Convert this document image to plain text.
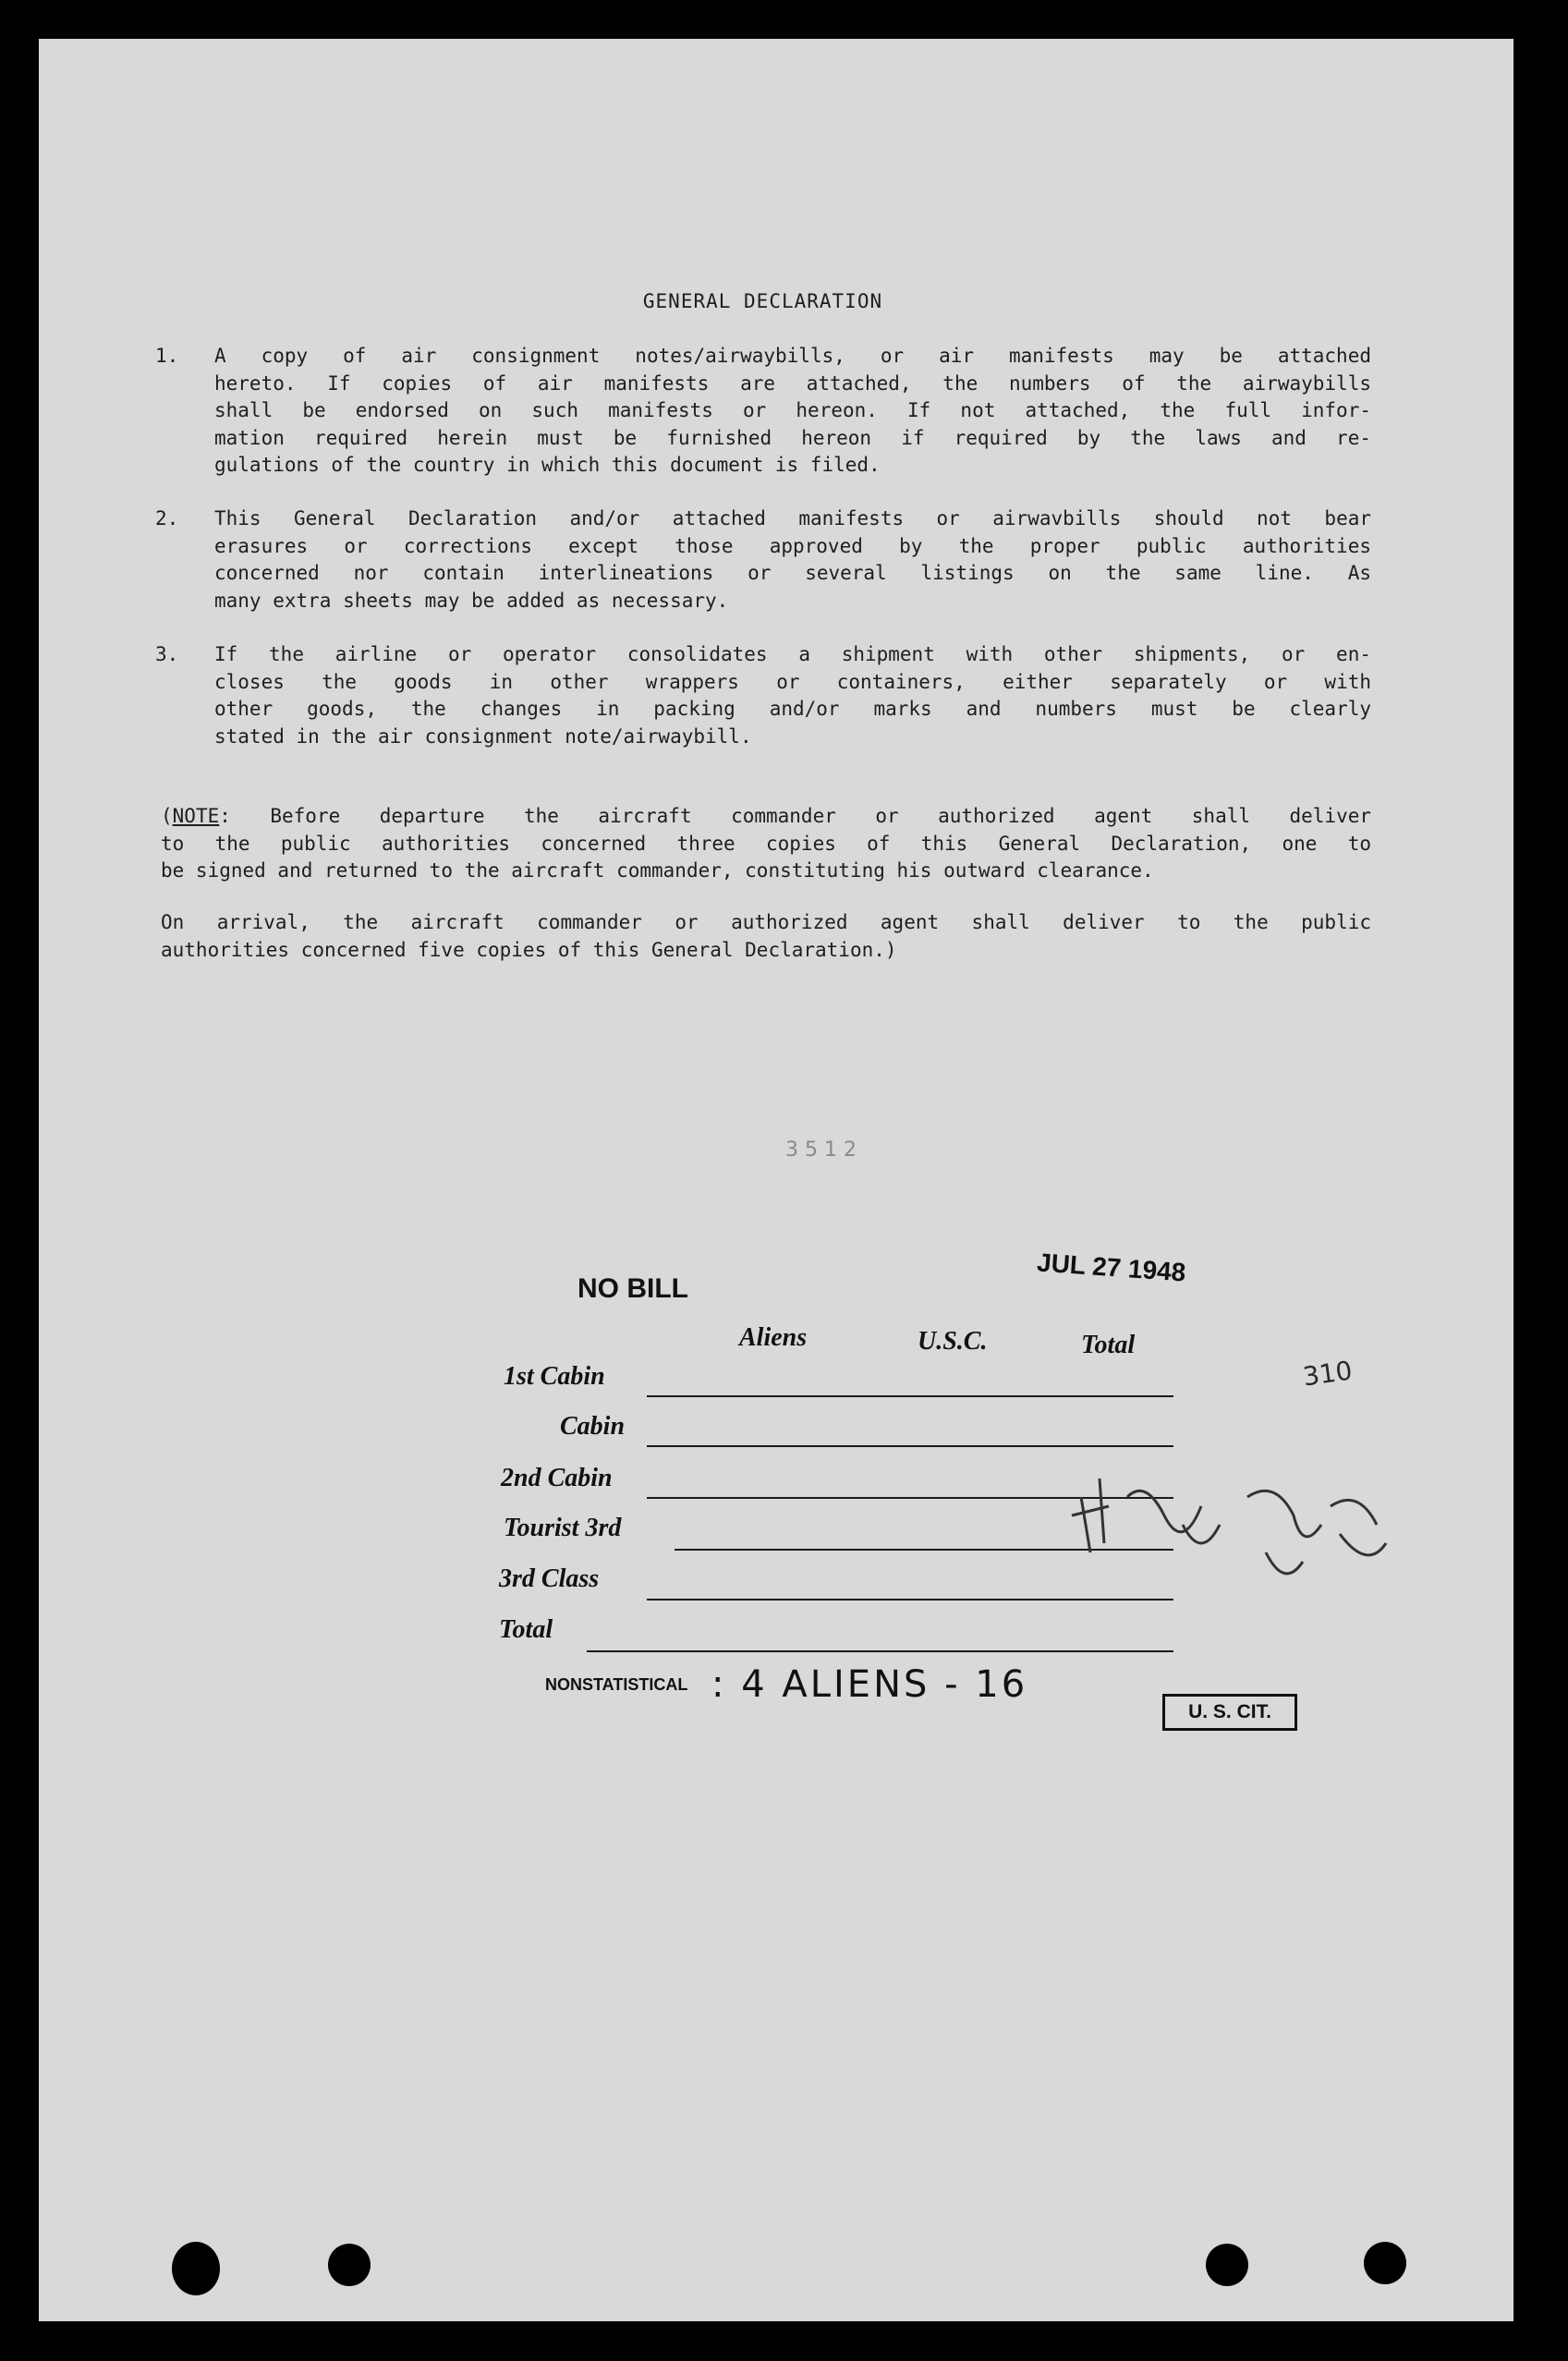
GENERAL DECLARATION
1. A copy of air consignment notes/airwaybills, or air manifests may be attached

hereto. If copies of air manifests are attached, the numbers of the airwaybills

shall be endorsed on such manifests or hereon. If not attached, the full infor-

mation required herein must be furnished hereon if required by the laws and re-

gulations of the country in which this document is filed.

2. This General Declaration and/or attached manifests or airwavbills should not bear

erasures or corrections except those approved by the proper public authorities

concerned nor contain interlineations or several listings on the same line. As

many extra sheets may be added as necessary.

3. If the airline or operator consolidates a shipment with other shipments, or en-

closes the goods in other wrappers or containers, either separately or with

other goods, the changes in packing and/or marks and numbers must be clearly

stated in the air consignment note/airwaybill.

(NOTE: Before departure the aircraft commander or authorized agent shall deliver

to the public authorities concerned three copies of this General Declaration, one to

be signed and returned to the aircraft commander, constituting his outward clearance.

On arrival, the aircraft commander or authorized agent shall deliver to the public

authorities concerned five copies of this General Declaration.)

3 5 1 2
NO BILL
JUL 27 1948
Aliens	U.S.C.	Total
1st Cabin
Cabin
2nd Cabin
Tourist 3rd
3rd Class
Total
NONSTATISTICAL : 4 ALIENS - 16
U. S. CIT.
310
